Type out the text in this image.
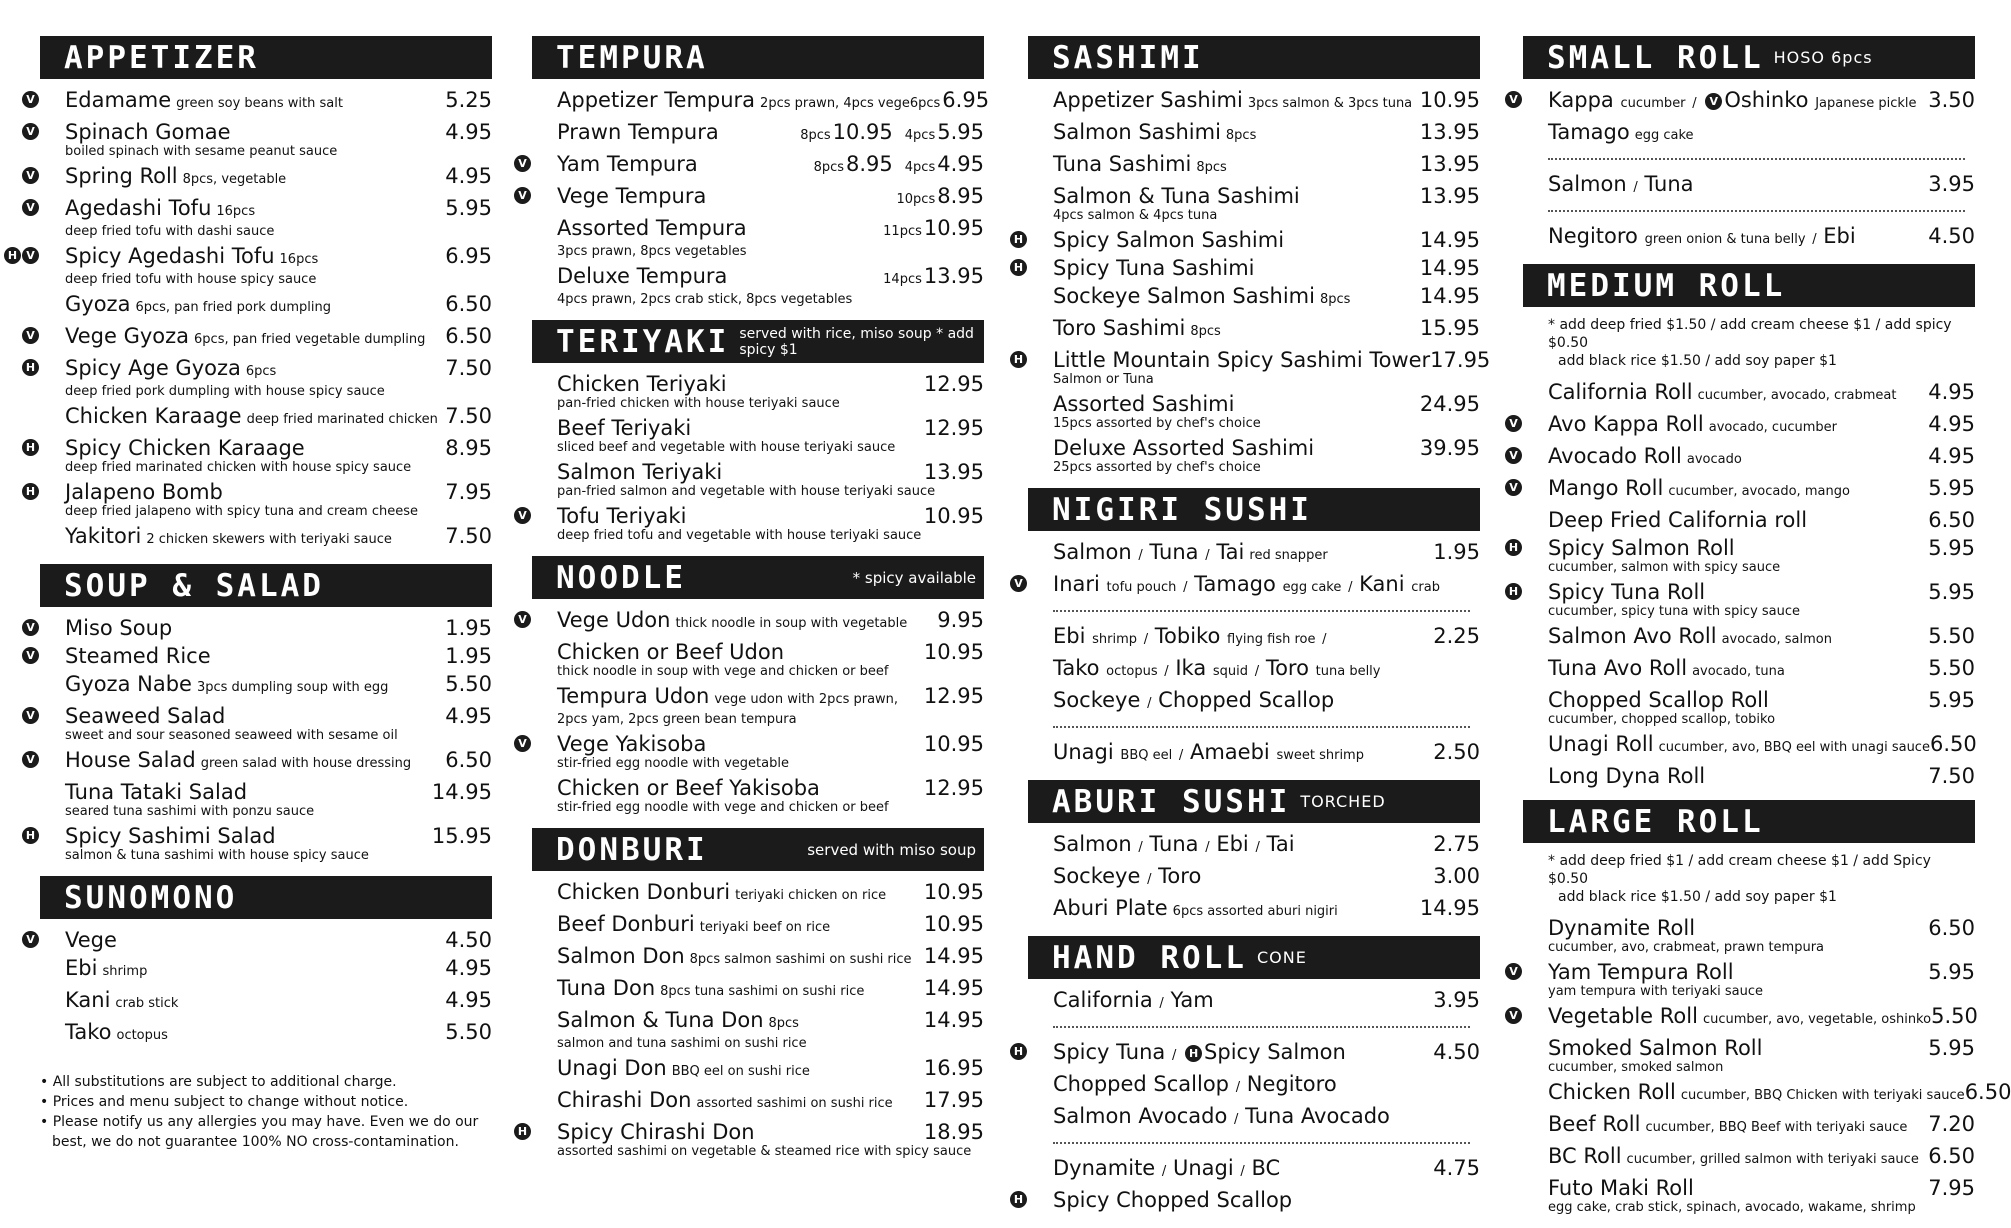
APPETIZER
V Edamame green soy beans with salt	5.25
V Spinach Gomae	4.95
boiled spinach with sesame peanut sauce
V Spring Roll 8pcs, vegetable	4.95
V Agedashi Tofu 16pcs	5.95
deep fried tofu with dashi sauce
H V Spicy Agedashi Tofu 16pcs	6.95
deep fried tofu with house spicy sauce
Gyoza 6pcs, pan fried pork dumpling	6.50
V Vege Gyoza 6pcs, pan fried vegetable dumpling 6.50
H Spicy Age Gyoza 6pcs	7.50
deep fried pork dumpling with house spicy sauce
Chicken Karaage deep fried marinated chicken 7.50
H Spicy Chicken Karaage	8.95
deep fried marinated chicken with house spicy sauce
H Jalapeno Bomb	7.95
deep fried jalapeno with spicy tuna and cream cheese
Yakitori 2 chicken skewers with teriyaki sauce	7.50
SOUP & SALAD
V Miso Soup	1.95
V Steamed Rice	1.95
Gyoza Nabe 3pcs dumpling soup with egg	5.50
V Seaweed Salad	4.95
sweet and sour seasoned seaweed with sesame oil
V House Salad green salad with house dressing 6.50
Tuna Tataki Salad	14.95
seared tuna sashimi with ponzu sauce
H Spicy Sashimi Salad	15.95
salmon & tuna sashimi with house spicy sauce
SUNOMONO
V Vege	4.50
Ebi shrimp	4.95
Kani crab stick	4.95
Tako octopus	5.50
• All substitutions are subject to additional charge.
• Prices and menu subject to change without notice.
• Please notify us any allergies you may have. Even we do our best, we do not guarantee 100% NO cross-contamination.
TEMPURA
Appetizer Tempura 2pcs prawn, 4pcs vege 6pcs6.95
Prawn Tempura	8pcs10.95 4pcs5.95
V Yam Tempura	8pcs8.95 4pcs4.95
V Vege Tempura	10pcs8.95
Assorted Tempura	11pcs10.95
3pcs prawn, 8pcs vegetables
Deluxe Tempura	14pcs13.95
4pcs prawn, 2pcs crab stick, 8pcs vegetables
TERIYAKI served with rice, miso soup * add spicy $1
Chicken Teriyaki	12.95
pan-fried chicken with house teriyaki sauce
Beef Teriyaki	12.95
sliced beef and vegetable with house teriyaki sauce
Salmon Teriyaki	13.95
pan-fried salmon and vegetable with house teriyaki sauce
V Tofu Teriyaki	10.95
deep fried tofu and vegetable with house teriyaki sauce
NOODLE	* spicy available
V Vege Udon thick noodle in soup with vegetable 9.95
Chicken or Beef Udon	10.95
thick noodle in soup with vege and chicken or beef
Tempura Udon vege udon with 2pcs prawn, 12.95
2pcs yam, 2pcs green bean tempura
V Vege Yakisoba	10.95
stir-fried egg noodle with vegetable
Chicken or Beef Yakisoba	12.95
stir-fried egg noodle with vege and chicken or beef
DONBURI	served with miso soup
Chicken Donburi teriyaki chicken on rice 10.95
Beef Donburi teriyaki beef on rice	10.95
Salmon Don 8pcs salmon sashimi on sushi rice 14.95
Tuna Don 8pcs tuna sashimi on sushi rice	14.95
Salmon & Tuna Don 8pcs	14.95
salmon and tuna sashimi on sushi rice
Unagi Don BBQ eel on sushi rice	16.95
Chirashi Don assorted sashimi on sushi rice 17.95
H Spicy Chirashi Don	18.95
assorted sashimi on vegetable & steamed rice with spicy sauce
SASHIMI
Appetizer Sashimi 3pcs salmon & 3pcs tuna 10.95
Salmon Sashimi 8pcs	13.95
Tuna Sashimi 8pcs	13.95
Salmon & Tuna Sashimi	13.95
4pcs salmon & 4pcs tuna
H Spicy Salmon Sashimi	14.95
H Spicy Tuna Sashimi	14.95
Sockeye Salmon Sashimi 8pcs	14.95
Toro Sashimi 8pcs	15.95
H Little Mountain Spicy Sashimi Tower 17.95
Salmon or Tuna
Assorted Sashimi	24.95
15pcs assorted by chef's choice
Deluxe Assorted Sashimi	39.95
25pcs assorted by chef's choice
NIGIRI SUSHI
Salmon / Tuna / Tai red snapper	1.95
V Inari tofu pouch / Tamago egg cake / Kani crab
Ebi shrimp / Tobiko flying fish roe /	2.25
Tako octopus / Ika squid / Toro tuna belly
Sockeye / Chopped Scallop
Unagi BBQ eel / Amaebi sweet shrimp	2.50
ABURI SUSHI TORCHED
Salmon / Tuna / Ebi / Tai	2.75
Sockeye / Toro	3.00
Aburi Plate 6pcs assorted aburi nigiri	14.95
HAND ROLL CONE
California / Yam	3.95
H Spicy Tuna / H Spicy Salmon	4.50
Chopped Scallop / Negitoro
Salmon Avocado / Tuna Avocado
Dynamite / Unagi / BC	4.75
H Spicy Chopped Scallop
SMALL ROLL HOSO 6pcs
V Kappa cucumber / V Oshinko Japanese pickle 3.50
Tamago egg cake
Salmon / Tuna	3.95
Negitoro green onion & tuna belly / Ebi	4.50
MEDIUM ROLL
* add deep fried $1.50 / add cream cheese $1 / add spicy $0.50
add black rice $1.50 / add soy paper $1
California Roll cucumber, avocado, crabmeat 4.95
V Avo Kappa Roll avocado, cucumber	4.95
V Avocado Roll avocado	4.95
V Mango Roll cucumber, avocado, mango	5.95
Deep Fried California roll	6.50
H Spicy Salmon Roll	5.95
cucumber, salmon with spicy sauce
H Spicy Tuna Roll	5.95
cucumber, spicy tuna with spicy sauce
Salmon Avo Roll avocado, salmon	5.50
Tuna Avo Roll avocado, tuna	5.50
Chopped Scallop Roll	5.95
cucumber, chopped scallop, tobiko
Unagi Roll cucumber, avo, BBQ eel with unagi sauce 6.50
Long Dyna Roll	7.50
LARGE ROLL
* add deep fried $1 / add cream cheese $1 / add Spicy $0.50
add black rice $1.50 / add soy paper $1
Dynamite Roll	6.50
cucumber, avo, crabmeat, prawn tempura
V Yam Tempura Roll	5.95
yam tempura with teriyaki sauce
V Vegetable Roll cucumber, avo, vegetable, oshinko 5.50
Smoked Salmon Roll	5.95
cucumber, smoked salmon
Chicken Roll cucumber, BBQ Chicken with teriyaki sauce 6.50
Beef Roll cucumber, BBQ Beef with teriyaki sauce 7.20
BC Roll cucumber, grilled salmon with teriyaki sauce 6.50
Futo Maki Roll	7.95
egg cake, crab stick, spinach, avocado, wakame, shrimp
